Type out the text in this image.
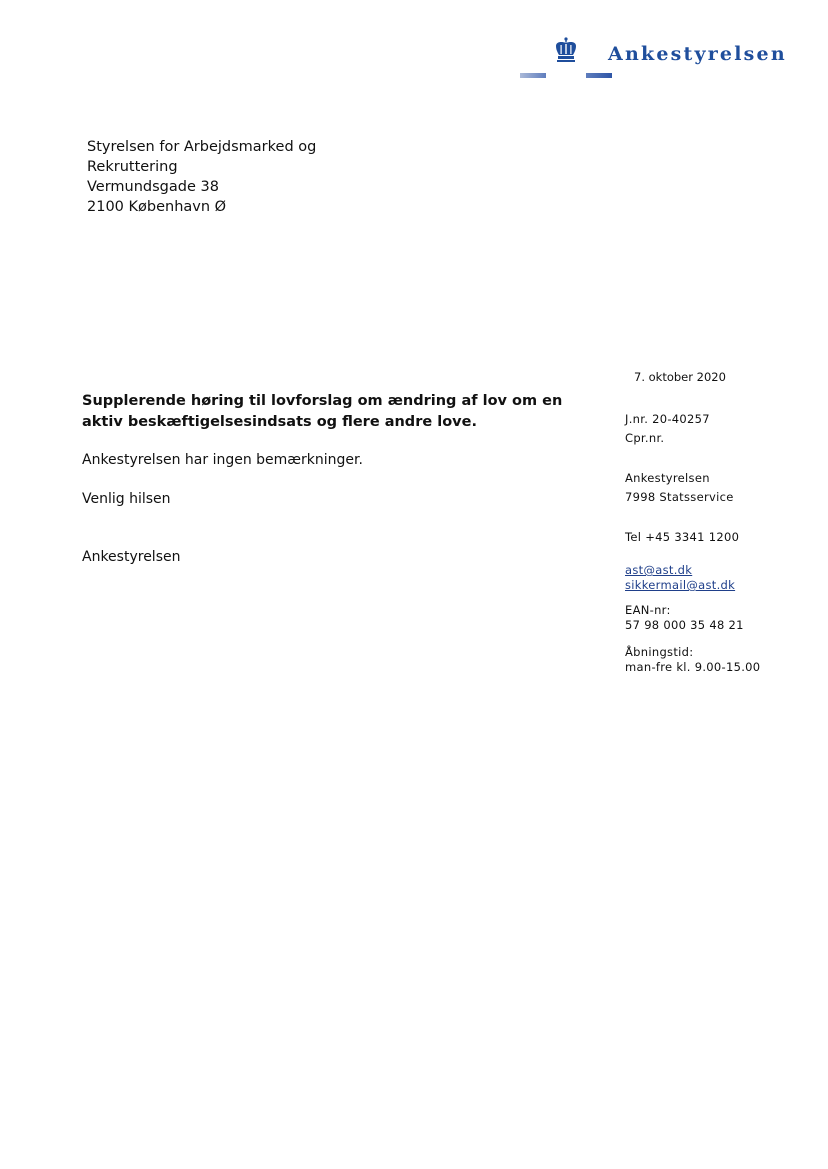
Ankestyrelsen
Styrelsen for Arbejdsmarked og
Rekruttering
Vermundsgade 38
2100 København Ø
7. oktober 2020
Supplerende høring til lovforslag om ændring af lov om en aktiv beskæftigelsesindsats og flere andre love.
Ankestyrelsen har ingen bemærkninger.
Venlig hilsen
Ankestyrelsen
J.nr. 20-40257
Cpr.nr.
Ankestyrelsen
7998 Statsservice
Tel +45 3341 1200
ast@ast.dk
sikkermail@ast.dk
EAN-nr:
57 98 000 35 48 21
Åbningstid:
man-fre kl. 9.00-15.00
